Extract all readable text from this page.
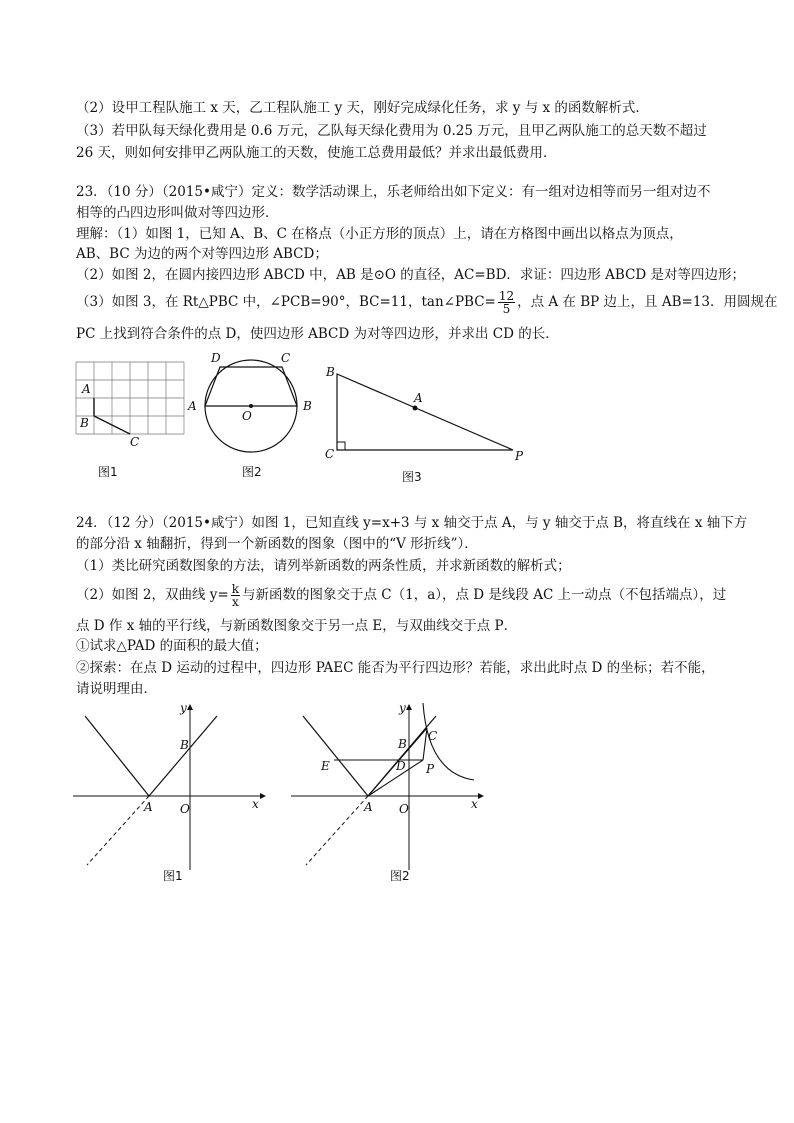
（2）设甲工程队施工 x 天，乙工程队施工 y 天，刚好完成绿化任务，求 y 与 x 的函数解析式．
（3）若甲队每天绿化费用是 0.6 万元，乙队每天绿化费用为 0.25 万元，且甲乙两队施工的总天数不超过
26 天，则如何安排甲乙两队施工的天数，使施工总费用最低？并求出最低费用．
23．（10 分）（2015•咸宁）定义：数学活动课上，乐老师给出如下定义：有一组对边相等而另一组对边不
相等的凸四边形叫做对等四边形．
理解：（1）如图 1，已知 A、B、C 在格点（小正方形的顶点）上，请在方格图中画出以格点为顶点，
AB、BC 为边的两个对等四边形 ABCD；
（2）如图 2，在圆内接四边形 ABCD 中，AB 是⊙O 的直径，AC=BD．求证：四边形 ABCD 是对等四边形；
（3）如图 3，在 Rt△PBC 中，∠PCB=90°，BC=11，tan∠PBC= $\frac{12}{5}$ ，点 A 在 BP 边上，且 AB=13．用圆规在
PC 上找到符合条件的点 D，使四边形 ABCD 为对等四边形，并求出 CD 的长．
A
B
C
图1
A	B
C
D
O
图2
B
C
A
P
图3
24．（12 分）（2015•咸宁）如图 1，已知直线 y=x+3 与 x 轴交于点 A，与 y 轴交于点 B，将直线在 x 轴下方
的部分沿 x 轴翻折，得到一个新函数的图象（图中的“V 形折线”）．
（1）类比研究函数图象的方法，请列举新函数的两条性质，并求新函数的解析式；
（2）如图 2，双曲线 $y= \frac{k}{x}$ 与新函数的图象交于点 C（1，a），点 D 是线段 AC 上一动点（不包括端点），过
点 D 作 x 轴的平行线，与新函数图象交于另一点 E，与双曲线交于点 P．
①试求△PAD 的面积的最大值；
②探索：在点 D 运动的过程中，四边形 PAEC 能否为平行四边形？若能，求出此时点 D 的坐标；若不能，
请说明理由．
A
B
O	x
y
图1
E	D P
C
B
A O	x
y
图2
